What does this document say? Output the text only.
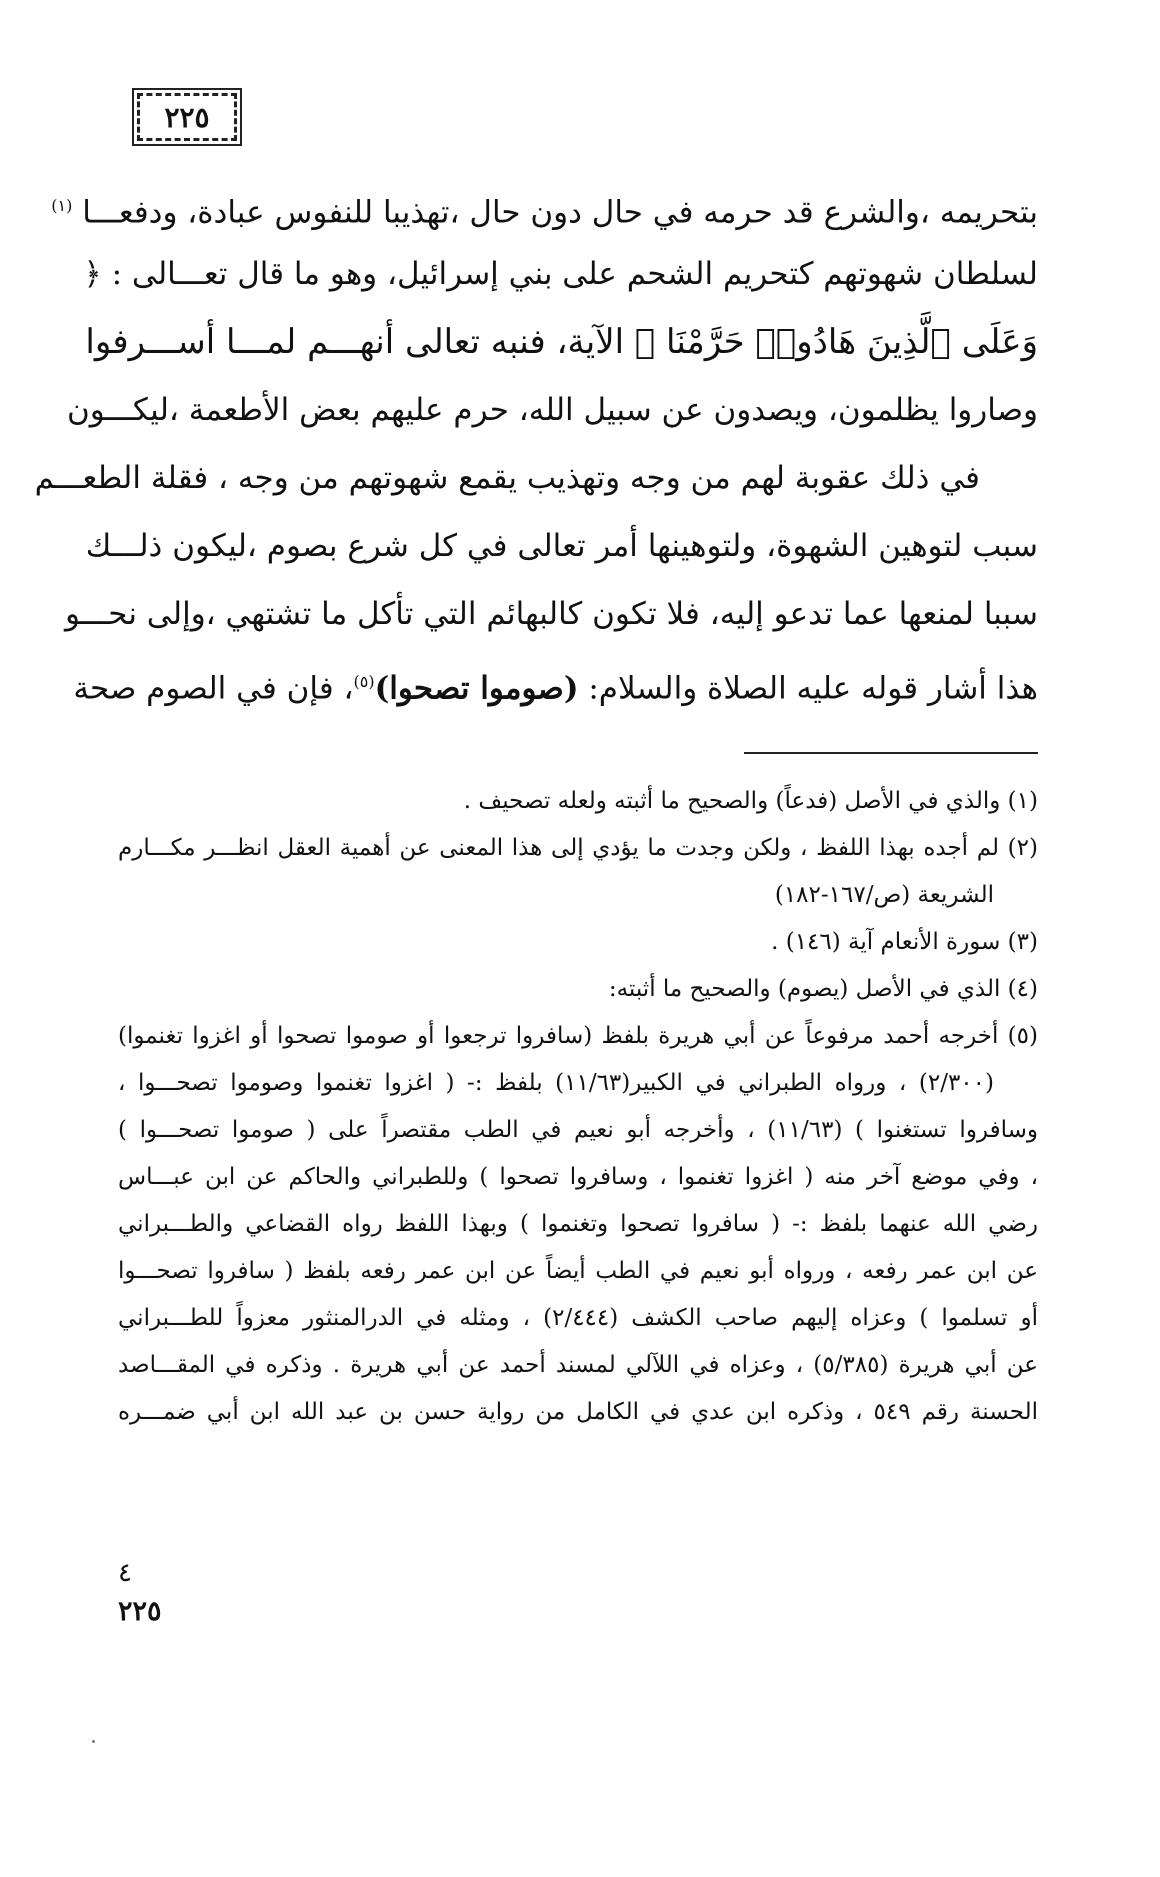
٢٢٥
بتحريمه ،والشرع قد حرمه في حال دون حال ،تهذيبا للنفوس عبادة، ودفعـــا $^{(١)}$
لسلطان شهوتهم كتحريم الشحم على بني إسرائيل، وهو ما قال تعـــالى : ﴿
وَعَلَى ٱلَّذِينَ هَادُوا۟ حَرَّمْنَا ﴾ الآية، فنبه تعالى أنهـــم لمـــا أســـرفوا
وصاروا يظلمون، ويصدون عن سبيل الله، حرم عليهم بعض الأطعمة ،ليكـــون
في ذلك عقوبة لهم من وجه وتهذيب يقمع شهوتهم من وجه ، فقلة الطعـــم
سبب لتوهين الشهوة، ولتوهينها أمر تعالى في كل شرع بصوم ،ليكون ذلـــك
سببا لمنعها عما تدعو إليه، فلا تكون كالبهائم التي تأكل ما تشتهي ،وإلى نحـــو
هذا أشار قوله عليه الصلاة والسلام: (صوموا تصحوا)$^{(٥)}$، فإن في الصوم صحة
(١) والذي في الأصل (فدعاً) والصحيح ما أثبته ولعله تصحيف .
(٢) لم أجده بهذا اللفظ ، ولكن وجدت ما يؤدي إلى هذا المعنى عن أهمية العقل انظـــر مكـــارم
الشريعة (ص/١٦٧-١٨٢)
(٣) سورة الأنعام آية (١٤٦) .
(٤) الذي في الأصل (يصوم) والصحيح ما أثبته:
(٥) أخرجه أحمد مرفوعاً عن أبي هريرة بلفظ (سافروا ترجعوا أو صوموا تصحوا أو اغزوا تغنموا)
(٢/٣٠٠) ، ورواه الطبراني في الكبير(١١/٦٣) بلفظ :- ( اغزوا تغنموا وصوموا تصحـــوا ،
وسافروا تستغنوا ) (١١/٦٣) ، وأخرجه أبو نعيم في الطب مقتصراً على ( صوموا تصحـــوا )
، وفي موضع آخر منه ( اغزوا تغنموا ، وسافروا تصحوا ) وللطبراني والحاكم عن ابن عبـــاس
رضي الله عنهما بلفظ :- ( سافروا تصحوا وتغنموا ) وبهذا اللفظ رواه القضاعي والطـــبراني
عن ابن عمر رفعه ، ورواه أبو نعيم في الطب أيضاً عن ابن عمر رفعه بلفظ ( سافروا تصحـــوا
أو تسلموا ) وعزاه إليهم صاحب الكشف (٢/٤٤٤) ، ومثله في الدرالمنثور معزواً للطـــبراني
عن أبي هريرة (٥/٣٨٥) ، وعزاه في اللآلي لمسند أحمد عن أبي هريرة . وذكره في المقـــاصد
الحسنة رقم ٥٤٩ ، وذكره ابن عدي في الكامل من رواية حسن بن عبد الله ابن أبي ضمـــره
٤
٢٢٥
